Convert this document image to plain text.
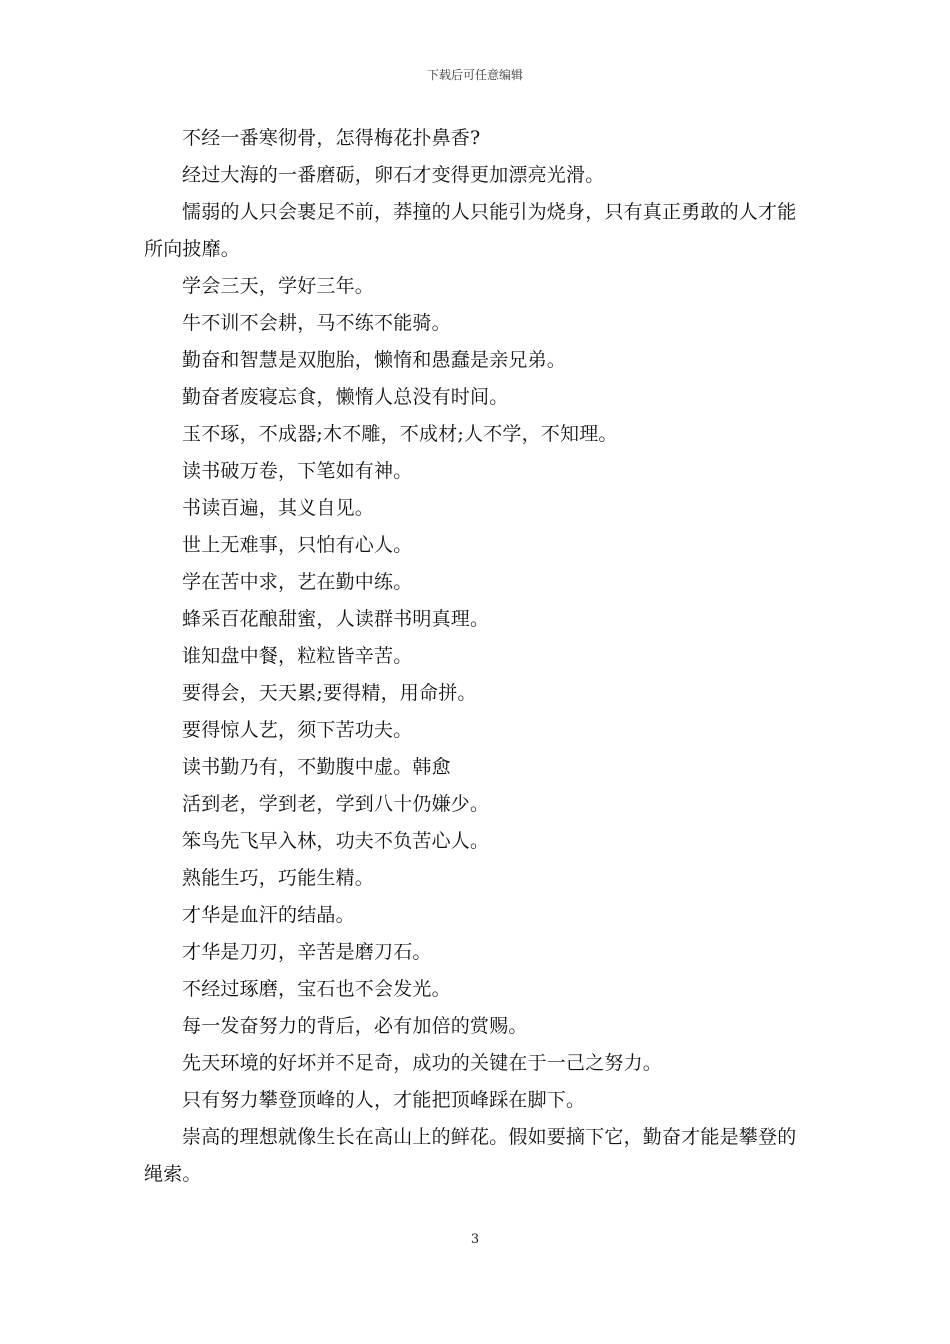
下载后可任意编辑

不经一番寒彻骨，怎得梅花扑鼻香?

经过大海的一番磨砺，卵石才变得更加漂亮光滑。

懦弱的人只会裹足不前，莽撞的人只能引为烧身，只有真正勇敢的人才能所向披靡。

学会三天，学好三年。

牛不训不会耕，马不练不能骑。

勤奋和智慧是双胞胎，懒惰和愚蠢是亲兄弟。

勤奋者废寝忘食，懒惰人总没有时间。

玉不琢，不成器;木不雕，不成材;人不学，不知理。

读书破万卷，下笔如有神。

书读百遍，其义自见。

世上无难事，只怕有心人。

学在苦中求，艺在勤中练。

蜂采百花酿甜蜜，人读群书明真理。

谁知盘中餐，粒粒皆辛苦。

要得会，天天累;要得精，用命拼。

要得惊人艺，须下苦功夫。

读书勤乃有，不勤腹中虚。韩愈

活到老，学到老，学到八十仍嫌少。

笨鸟先飞早入林，功夫不负苦心人。

熟能生巧，巧能生精。

才华是血汗的结晶。

才华是刀刃，辛苦是磨刀石。

不经过琢磨，宝石也不会发光。

每一发奋努力的背后，必有加倍的赏赐。

先天环境的好坏并不足奇，成功的关键在于一己之努力。

只有努力攀登顶峰的人，才能把顶峰踩在脚下。

崇高的理想就像生长在高山上的鲜花。假如要摘下它，勤奋才能是攀登的绳索。

3
